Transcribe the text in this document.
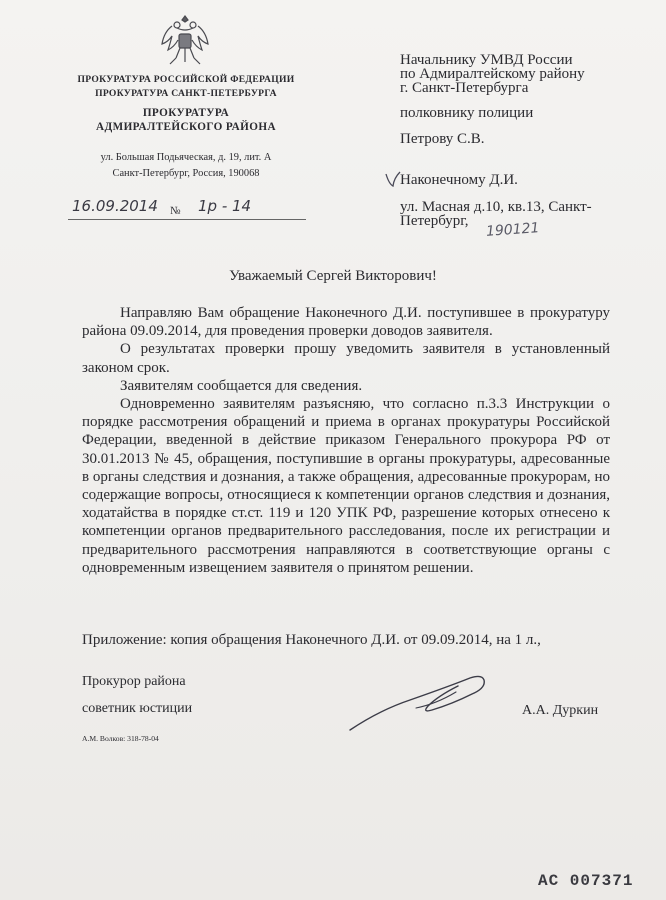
ПРОКУРАТУРА РОССИЙСКОЙ ФЕДЕРАЦИИ
ПРОКУРАТУРА САНКТ-ПЕТЕРБУРГА
ПРОКУРАТУРА
АДМИРАЛТЕЙСКОГО РАЙОНА
ул. Большая Подьяческая, д. 19, лит. А
Санкт-Петербург, Россия, 190068
16.09.2014 № 1р - 14
Начальнику УМВД России
по Адмиралтейскому району
г. Санкт-Петербурга
полковнику полиции
Петрову С.В.
Наконечному Д.И.
ул. Масная д.10, кв.13, Санкт-
Петербург, 190121
Уважаемый Сергей Викторович!

Направляю Вам обращение Наконечного Д.И. поступившее в прокуратуру района 09.09.2014, для проведения проверки доводов заявителя.

О результатах проверки прошу уведомить заявителя в установленный законом срок.

Заявителям сообщается для сведения.

Одновременно заявителям разъясняю, что согласно п.3.3 Инструкции о порядке рассмотрения обращений и приема в органах прокуратуры Российской Федерации, введенной в действие приказом Генерального прокурора РФ от 30.01.2013 № 45, обращения, поступившие в органы прокуратуры, адресованные в органы следствия и дознания, а также обращения, адресованные прокурорам, но содержащие вопросы, относящиеся к компетенции органов следствия и дознания, ходатайства в порядке ст.ст. 119 и 120 УПК РФ, разрешение которых отнесено к компетенции органов предварительного расследования, после их регистрации и предварительного рассмотрения направляются в соответствующие органы с одновременным извещением заявителя о принятом решении.

Приложение: копия обращения Наконечного Д.И. от 09.09.2014, на 1 л.,
Прокурор района
советник юстиции	А.А. Дуркин
А.М. Волков: 318-78-04
АС 007371
